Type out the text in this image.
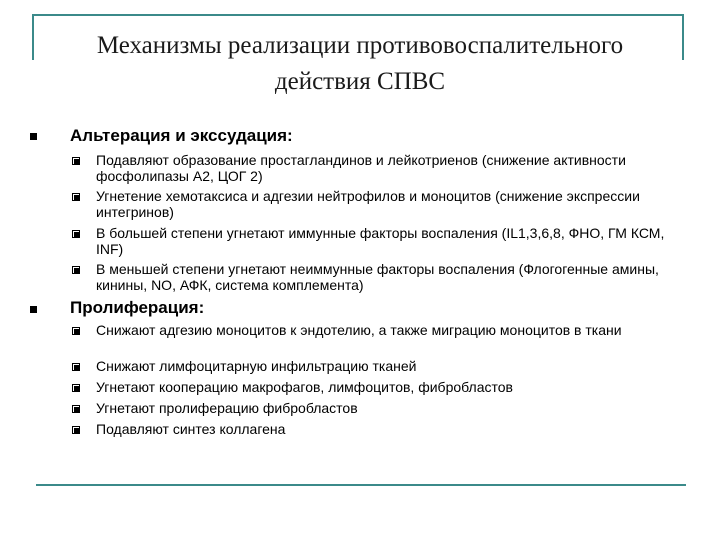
Механизмы реализации противовоспалительного
действия СПВС
Альтерация и экссудация:
Подавляют образование простагландинов и лейкотриенов (снижение активности фосфолипазы А2, ЦОГ 2)
Угнетение хемотаксиса и адгезии нейтрофилов и моноцитов (снижение экспрессии интегринов)
В большей степени угнетают иммунные факторы воспаления (IL1,3,6,8, ФНО, ГМ КСМ, INF)
В меньшей степени угнетают неиммунные факторы воспаления (Флогогенные амины, кинины, NO, АФК, система комплемента)
Пролиферация:
Снижают адгезию моноцитов к эндотелию, а также миграцию моноцитов в ткани
Снижают лимфоцитарную инфильтрацию тканей
Угнетают кооперацию макрофагов, лимфоцитов, фибробластов
Угнетают пролиферацию фибробластов
Подавляют синтез коллагена
